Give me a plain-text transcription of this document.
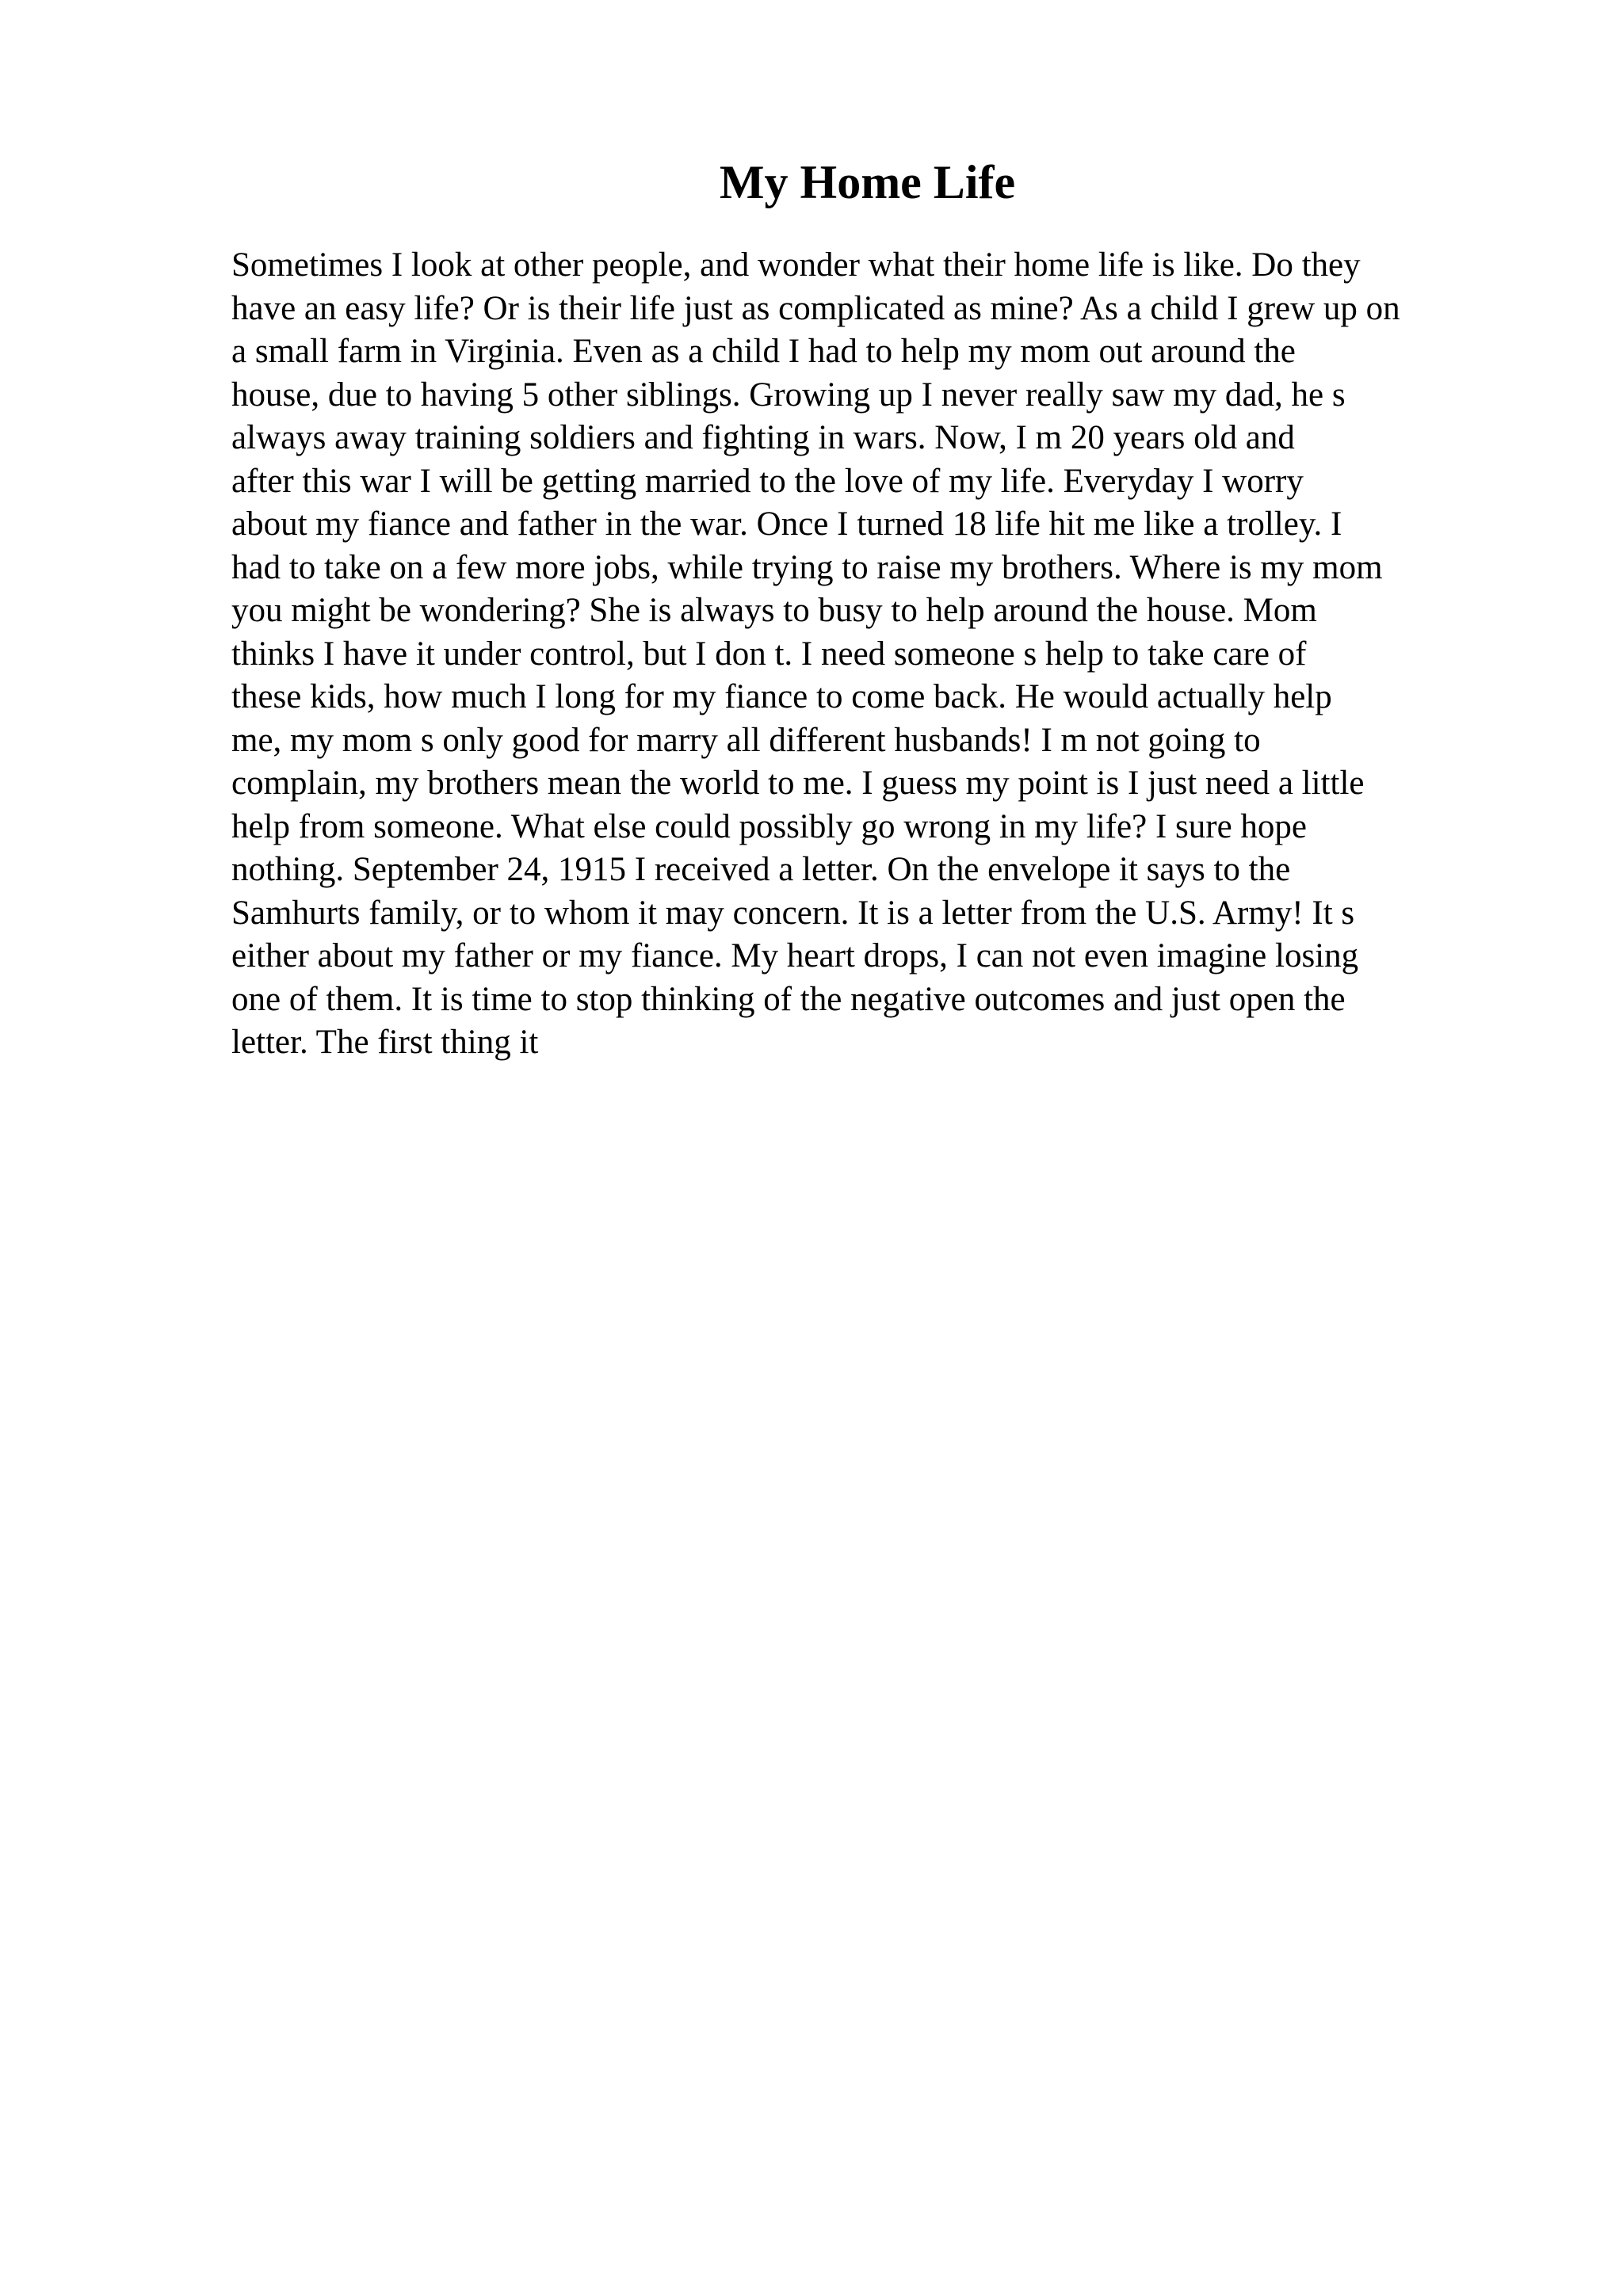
My Home Life
Sometimes I look at other people, and wonder what their home life is like. Do they
have an easy life? Or is their life just as complicated as mine? As a child I grew up on
a small farm in Virginia. Even as a child I had to help my mom out around the
house, due to having 5 other siblings. Growing up I never really saw my dad, he s
always away training soldiers and fighting in wars. Now, I m 20 years old and
after this war I will be getting married to the love of my life. Everyday I worry
about my fiance and father in the war. Once I turned 18 life hit me like a trolley. I
had to take on a few more jobs, while trying to raise my brothers. Where is my mom
you might be wondering? She is always to busy to help around the house. Mom
thinks I have it under control, but I don t. I need someone s help to take care of
these kids, how much I long for my fiance to come back. He would actually help
me, my mom s only good for marry all different husbands! I m not going to
complain, my brothers mean the world to me. I guess my point is I just need a little
help from someone. What else could possibly go wrong in my life? I sure hope
nothing. September 24, 1915 I received a letter. On the envelope it says to the
Samhurts family, or to whom it may concern. It is a letter from the U.S. Army! It s
either about my father or my fiance. My heart drops, I can not even imagine losing
one of them. It is time to stop thinking of the negative outcomes and just open the
letter. The first thing it
